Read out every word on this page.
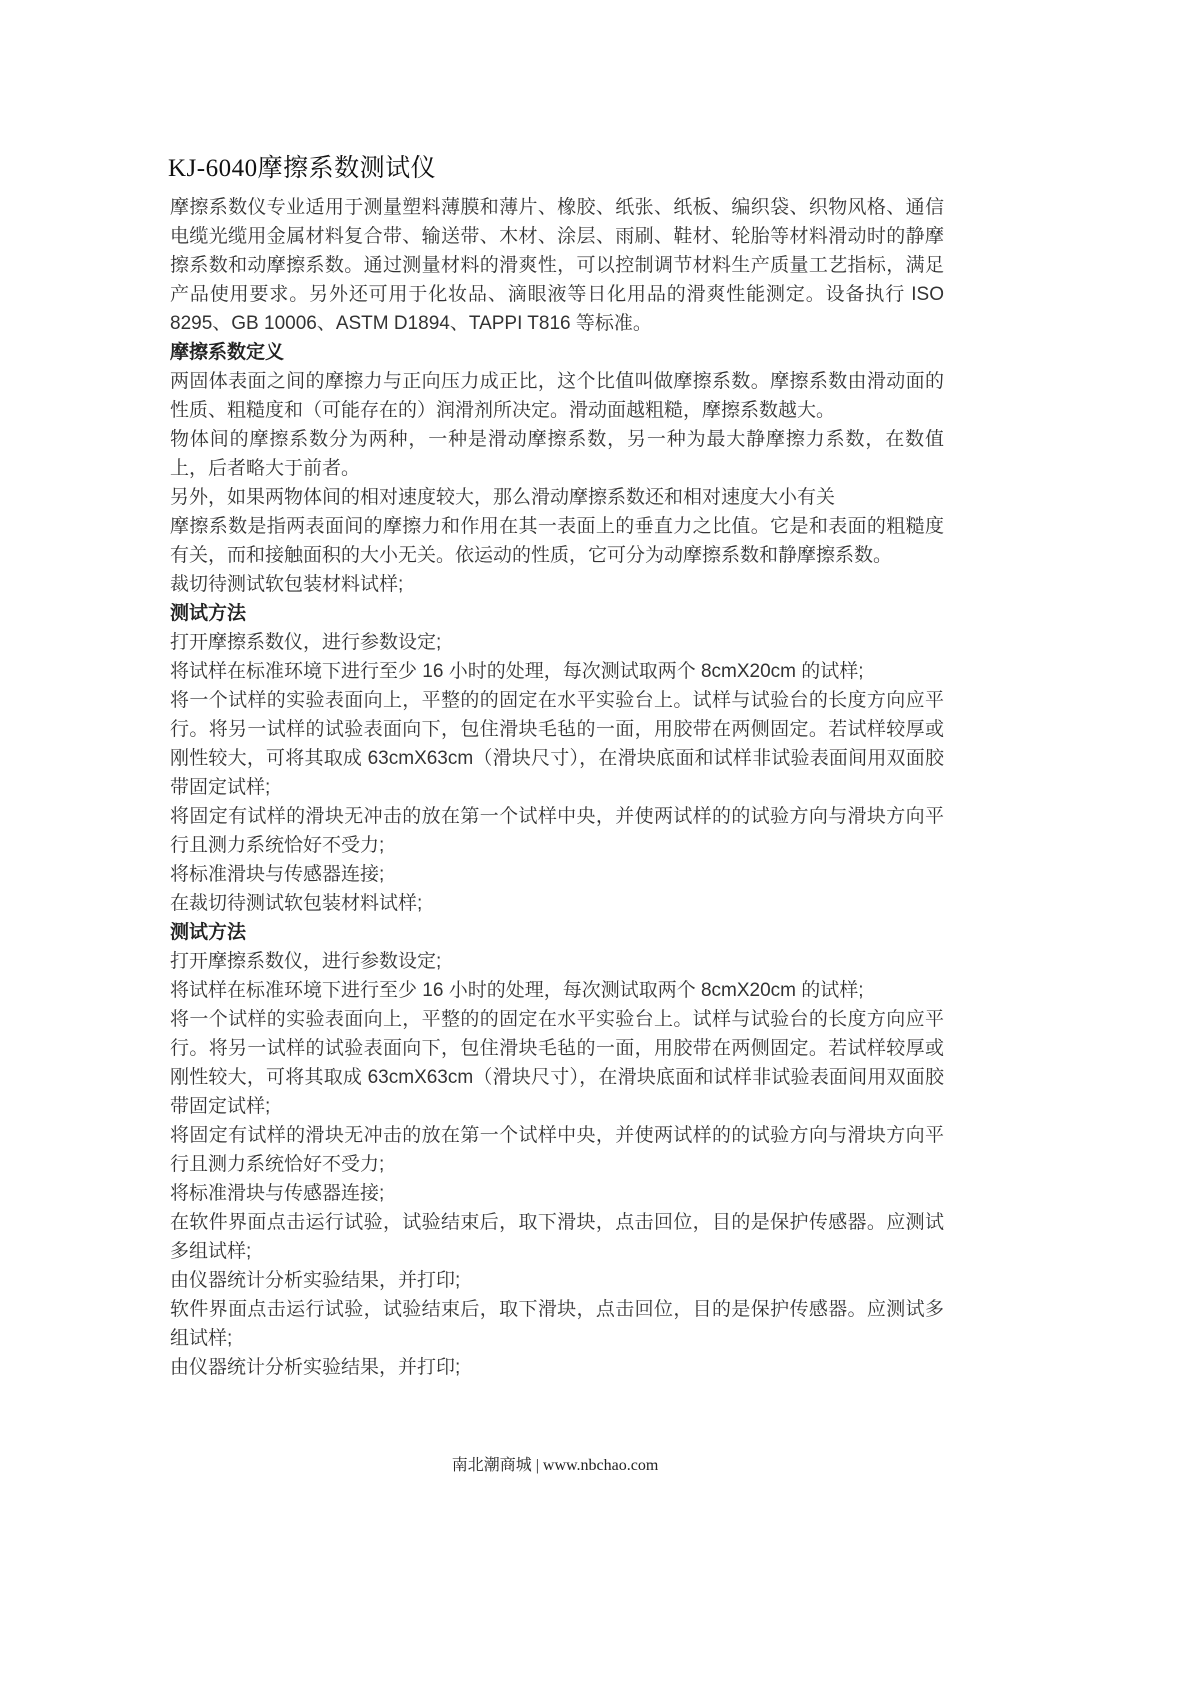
KJ-6040摩擦系数测试仪

摩擦系数仪专业适用于测量塑料薄膜和薄片、橡胶、纸张、纸板、编织袋、织物风格、通信电缆光缆用金属材料复合带、输送带、木材、涂层、雨刷、鞋材、轮胎等材料滑动时的静摩擦系数和动摩擦系数。通过测量材料的滑爽性，可以控制调节材料生产质量工艺指标，满足产品使用要求。另外还可用于化妆品、滴眼液等日化用品的滑爽性能测定。设备执行 ISO 8295、GB 10006、ASTM D1894、TAPPI T816 等标准。

摩擦系数定义

两固体表面之间的摩擦力与正向压力成正比，这个比值叫做摩擦系数。摩擦系数由滑动面的性质、粗糙度和（可能存在的）润滑剂所决定。滑动面越粗糙，摩擦系数越大。

物体间的摩擦系数分为两种，一种是滑动摩擦系数，另一种为最大静摩擦力系数，在数值上，后者略大于前者。

另外，如果两物体间的相对速度较大，那么滑动摩擦系数还和相对速度大小有关

摩擦系数是指两表面间的摩擦力和作用在其一表面上的垂直力之比值。它是和表面的粗糙度有关，而和接触面积的大小无关。依运动的性质，它可分为动摩擦系数和静摩擦系数。

裁切待测试软包装材料试样;

测试方法

打开摩擦系数仪，进行参数设定;

将试样在标准环境下进行至少 16 小时的处理，每次测试取两个 8cmX20cm 的试样;

将一个试样的实验表面向上，平整的的固定在水平实验台上。试样与试验台的长度方向应平行。将另一试样的试验表面向下，包住滑块毛毡的一面，用胶带在两侧固定。若试样较厚或刚性较大，可将其取成 63cmX63cm（滑块尺寸），在滑块底面和试样非试验表面间用双面胶带固定试样;

将固定有试样的滑块无冲击的放在第一个试样中央，并使两试样的的试验方向与滑块方向平行且测力系统恰好不受力;

将标准滑块与传感器连接;

在裁切待测试软包装材料试样;

测试方法

打开摩擦系数仪，进行参数设定;

将试样在标准环境下进行至少 16 小时的处理，每次测试取两个 8cmX20cm 的试样;

将一个试样的实验表面向上，平整的的固定在水平实验台上。试样与试验台的长度方向应平行。将另一试样的试验表面向下，包住滑块毛毡的一面，用胶带在两侧固定。若试样较厚或刚性较大，可将其取成 63cmX63cm（滑块尺寸），在滑块底面和试样非试验表面间用双面胶带固定试样;

将固定有试样的滑块无冲击的放在第一个试样中央，并使两试样的的试验方向与滑块方向平行且测力系统恰好不受力;

将标准滑块与传感器连接;

在软件界面点击运行试验，试验结束后，取下滑块，点击回位，目的是保护传感器。应测试多组试样;

由仪器统计分析实验结果，并打印;

软件界面点击运行试验，试验结束后，取下滑块，点击回位，目的是保护传感器。应测试多组试样;

由仪器统计分析实验结果，并打印;

南北潮商城 | www.nbchao.com
